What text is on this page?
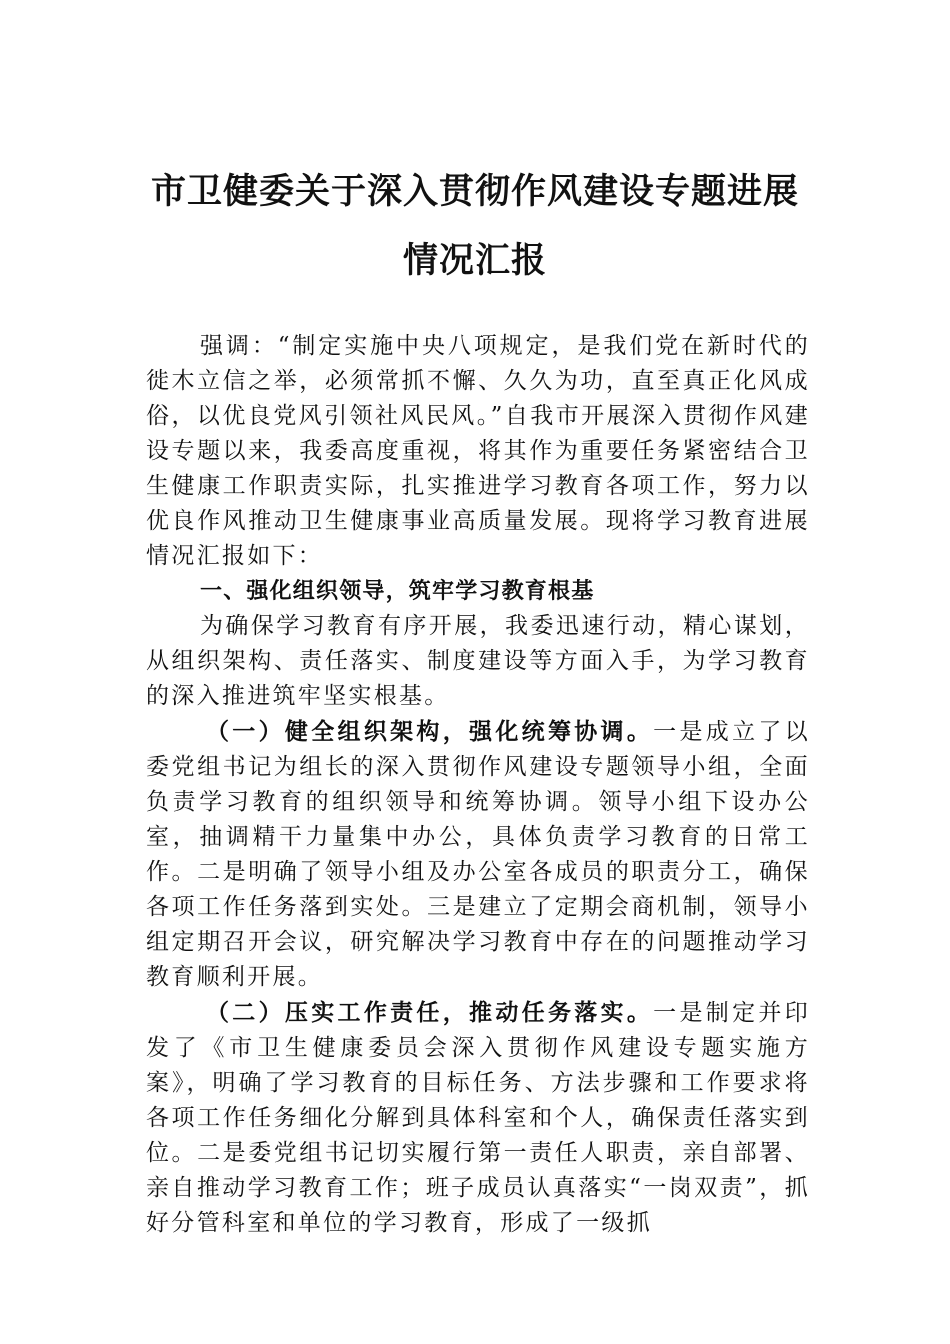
市卫健委关于深入贯彻作风建设专题进展
情况汇报

强调：“制定实施中央八项规定，是我们党在新时代的徙木立信之举，必须常抓不懈、久久为功，直至真正化风成俗，以优良党风引领社风民风。”自我市开展深入贯彻作风建设专题以来，我委高度重视，将其作为重要任务紧密结合卫生健康工作职责实际，扎实推进学习教育各项工作，努力以优良作风推动卫生健康事业高质量发展。现将学习教育进展情况汇报如下：

一、强化组织领导，筑牢学习教育根基

为确保学习教育有序开展，我委迅速行动，精心谋划，从组织架构、责任落实、制度建设等方面入手，为学习教育的深入推进筑牢坚实根基。

（一）健全组织架构，强化统筹协调。一是成立了以委党组书记为组长的深入贯彻作风建设专题领导小组，全面负责学习教育的组织领导和统筹协调。领导小组下设办公室，抽调精干力量集中办公，具体负责学习教育的日常工作。二是明确了领导小组及办公室各成员的职责分工，确保各项工作任务落到实处。三是建立了定期会商机制，领导小组定期召开会议，研究解决学习教育中存在的问题推动学习教育顺利开展。

（二）压实工作责任，推动任务落实。一是制定并印发了《市卫生健康委员会深入贯彻作风建设专题实施方案》，明确了学习教育的目标任务、方法步骤和工作要求将各项工作任务细化分解到具体科室和个人，确保责任落实到位。二是委党组书记切实履行第一责任人职责，亲自部署、亲自推动学习教育工作；班子成员认真落实“一岗双责”，抓好分管科室和单位的学习教育，形成了一级抓
